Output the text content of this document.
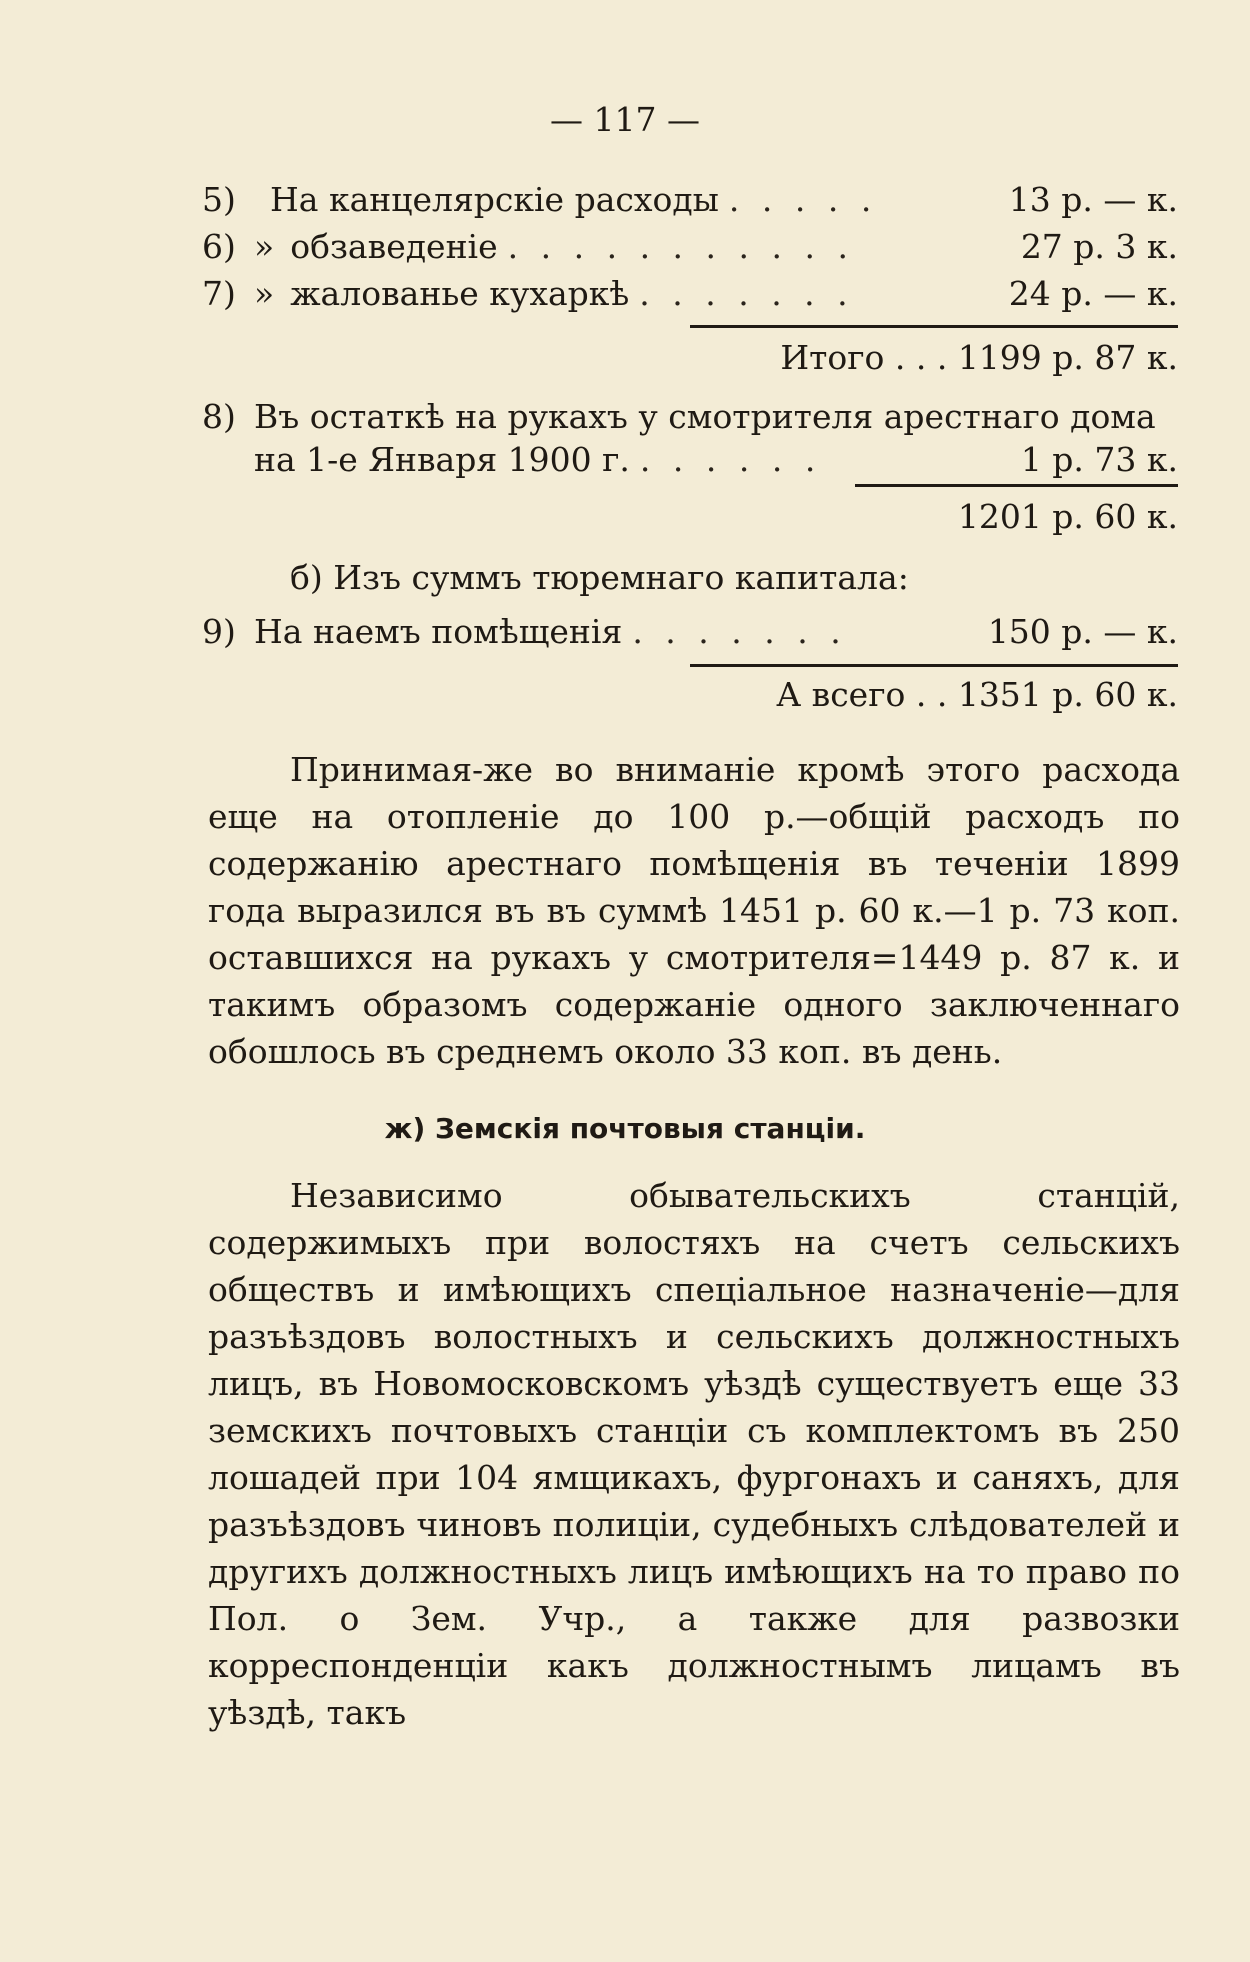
— 117 —
5)	На канцелярскіе расходы . . . . .	13 р. — к.
6) » обзаведеніе . . . . . . . . . . .	27 р. 3 к.
7) » жалованье кухаркѣ . . . . . . .	24 р. — к.
Итого . . . 1199 р. 87 к.
8) Въ остаткѣ на рукахъ у смотрителя арестнаго дома
на 1-е Января 1900 г. . . . . . .	1 р. 73 к.
1201 р. 60 к.
б) Изъ суммъ тюремнаго капитала:
9) На наемъ помѣщенія . . . . . . .	150 р. — к.
А всего . . 1351 р. 60 к.

Принимая-же во вниманіе кромѣ этого расхода еще на отопленіе до 100 р.—общій расходъ по содержанію арестнаго помѣщенія въ теченіи 1899 года выразился въ въ суммѣ 1451 р. 60 к.—1 р. 73 коп. оставшихся на рукахъ у смотрителя=1449 р. 87 к. и такимъ образомъ содержаніе одного заключеннаго обошлось въ среднемъ около 33 коп. въ день.

ж) Земскія почтовыя станціи.

Независимо обывательскихъ станцій, содержимыхъ при волостяхъ на счетъ сельскихъ обществъ и имѣющихъ спеціальное назначеніе—для разъѣздовъ волостныхъ и сельскихъ должностныхъ лицъ, въ Новомосковскомъ уѣздѣ существуетъ еще 33 земскихъ почтовыхъ станціи съ комплектомъ въ 250 лошадей при 104 ямщикахъ, фургонахъ и саняхъ, для разъѣздовъ чиновъ полиціи, судебныхъ слѣдователей и другихъ должностныхъ лицъ имѣющихъ на то право по Пол. о Зем. Учр., а также для развозки корреспонденціи какъ должностнымъ лицамъ въ уѣздѣ, такъ
